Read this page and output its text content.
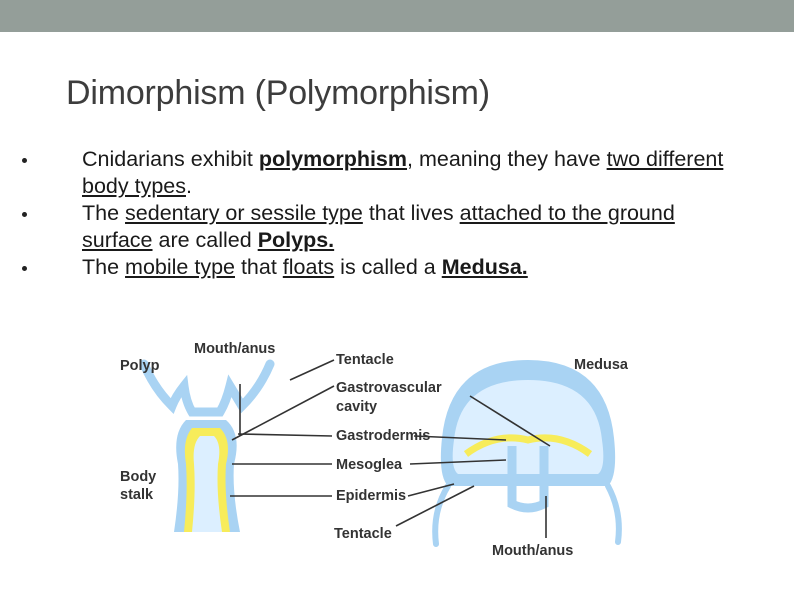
Dimorphism (Polymorphism)
Cnidarians exhibit polymorphism, meaning they have two different body types.
The sedentary or sessile type that lives attached to the ground surface are called Polyps.
The mobile type that floats is called a Medusa.
Polyp
Mouth/anus
Tentacle	Medusa
Gastrovascular
cavity
Gastrodermis
Body
stalk
Mesoglea
Epidermis
Tentacle
Mouth/anus
